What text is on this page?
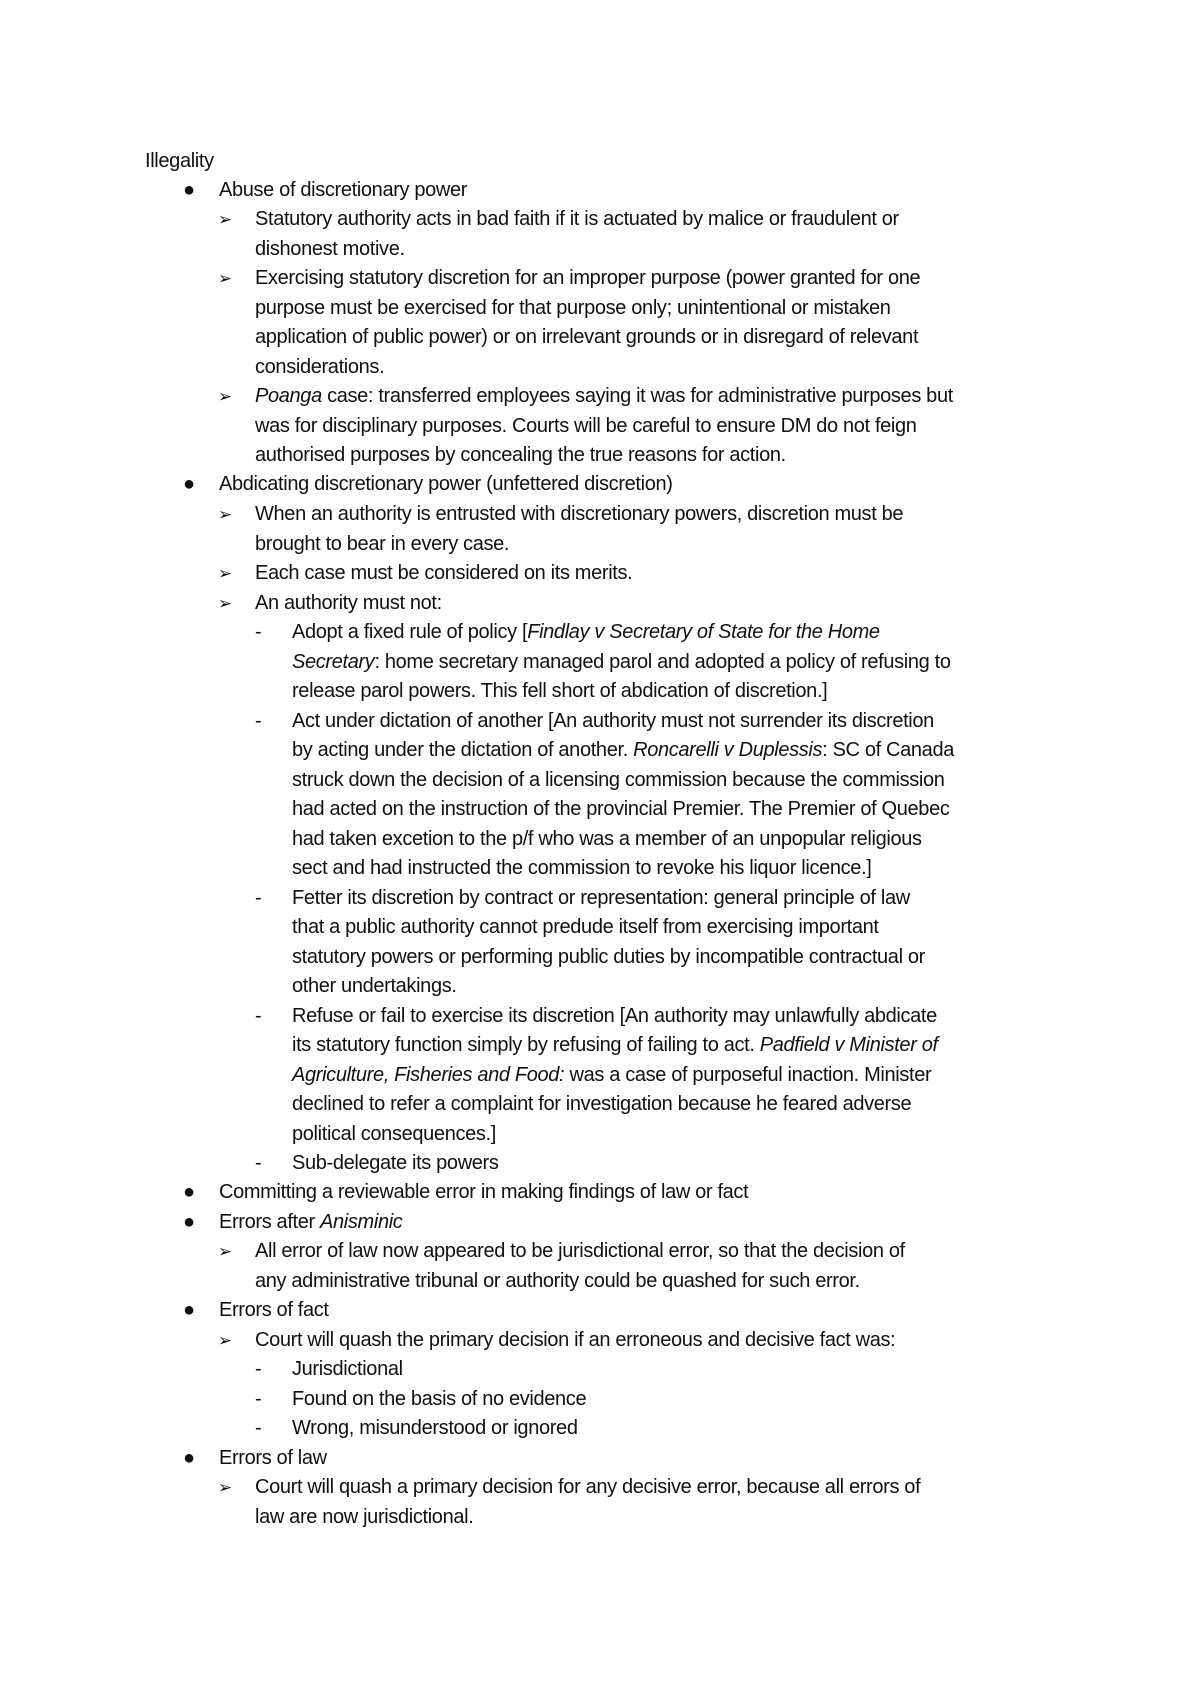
Illegality
●	Abuse of discretionary power
➢	Statutory authority acts in bad faith if it is actuated by malice or fraudulent or
dishonest motive.
➢	Exercising statutory discretion for an improper purpose (power granted for one
purpose must be exercised for that purpose only; unintentional or mistaken
application of public power) or on irrelevant grounds or in disregard of relevant
considerations.
➢	Poanga case: transferred employees saying it was for administrative purposes but
was for disciplinary purposes. Courts will be careful to ensure DM do not feign
authorised purposes by concealing the true reasons for action.
●	Abdicating discretionary power (unfettered discretion)
➢	When an authority is entrusted with discretionary powers, discretion must be
brought to bear in every case.
➢	Each case must be considered on its merits.
➢	An authority must not:
-	Adopt a fixed rule of policy [Findlay v Secretary of State for the Home
Secretary: home secretary managed parol and adopted a policy of refusing to
release parol powers. This fell short of abdication of discretion.]
-	Act under dictation of another [An authority must not surrender its discretion
by acting under the dictation of another. Roncarelli v Duplessis: SC of Canada
struck down the decision of a licensing commission because the commission
had acted on the instruction of the provincial Premier. The Premier of Quebec
had taken excetion to the p/f who was a member of an unpopular religious
sect and had instructed the commission to revoke his liquor licence.]
-	Fetter its discretion by contract or representation: general principle of law
that a public authority cannot predude itself from exercising important
statutory powers or performing public duties by incompatible contractual or
other undertakings.
-	Refuse or fail to exercise its discretion [An authority may unlawfully abdicate
its statutory function simply by refusing of failing to act. Padfield v Minister of
Agriculture, Fisheries and Food: was a case of purposeful inaction. Minister
declined to refer a complaint for investigation because he feared adverse
political consequences.]
-	Sub-delegate its powers
●	Committing a reviewable error in making findings of law or fact
●	Errors after Anisminic
➢	All error of law now appeared to be jurisdictional error, so that the decision of
any administrative tribunal or authority could be quashed for such error.
●	Errors of fact
➢	Court will quash the primary decision if an erroneous and decisive fact was:
-	Jurisdictional
-	Found on the basis of no evidence
-	Wrong, misunderstood or ignored
●	Errors of law
➢	Court will quash a primary decision for any decisive error, because all errors of
law are now jurisdictional.
